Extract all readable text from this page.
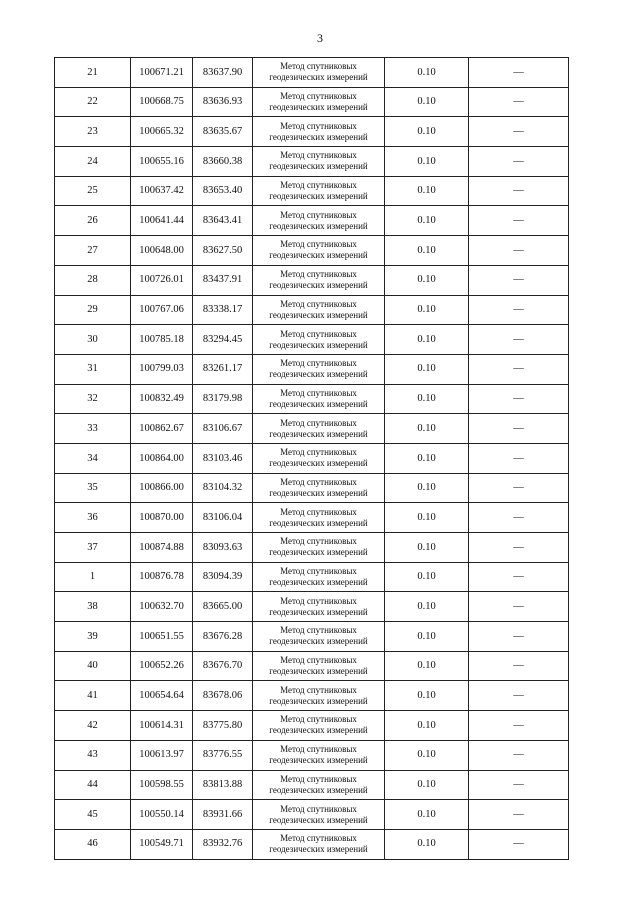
3
21	100671.21	83637.90	Метод спутниковых геодезических измерений	0.10	—
22	100668.75	83636.93	Метод спутниковых геодезических измерений	0.10	—
23	100665.32	83635.67	Метод спутниковых геодезических измерений	0.10	—
24	100655.16	83660.38	Метод спутниковых геодезических измерений	0.10	—
25	100637.42	83653.40	Метод спутниковых геодезических измерений	0.10	—
26	100641.44	83643.41	Метод спутниковых геодезических измерений	0.10	—
27	100648.00	83627.50	Метод спутниковых геодезических измерений	0.10	—
28	100726.01	83437.91	Метод спутниковых геодезических измерений	0.10	—
29	100767.06	83338.17	Метод спутниковых геодезических измерений	0.10	—
30	100785.18	83294.45	Метод спутниковых геодезических измерений	0.10	—
31	100799.03	83261.17	Метод спутниковых геодезических измерений	0.10	—
32	100832.49	83179.98	Метод спутниковых геодезических измерений	0.10	—
33	100862.67	83106.67	Метод спутниковых геодезических измерений	0.10	—
34	100864.00	83103.46	Метод спутниковых геодезических измерений	0.10	—
35	100866.00	83104.32	Метод спутниковых геодезических измерений	0.10	—
36	100870.00	83106.04	Метод спутниковых геодезических измерений	0.10	—
37	100874.88	83093.63	Метод спутниковых геодезических измерений	0.10	—
1	100876.78	83094.39	Метод спутниковых геодезических измерений	0.10	—
38	100632.70	83665.00	Метод спутниковых геодезических измерений	0.10	—
39	100651.55	83676.28	Метод спутниковых геодезических измерений	0.10	—
40	100652.26	83676.70	Метод спутниковых геодезических измерений	0.10	—
41	100654.64	83678.06	Метод спутниковых геодезических измерений	0.10	—
42	100614.31	83775.80	Метод спутниковых геодезических измерений	0.10	—
43	100613.97	83776.55	Метод спутниковых геодезических измерений	0.10	—
44	100598.55	83813.88	Метод спутниковых геодезических измерений	0.10	—
45	100550.14	83931.66	Метод спутниковых геодезических измерений	0.10	—
46	100549.71	83932.76	Метод спутниковых геодезических измерений	0.10	—
